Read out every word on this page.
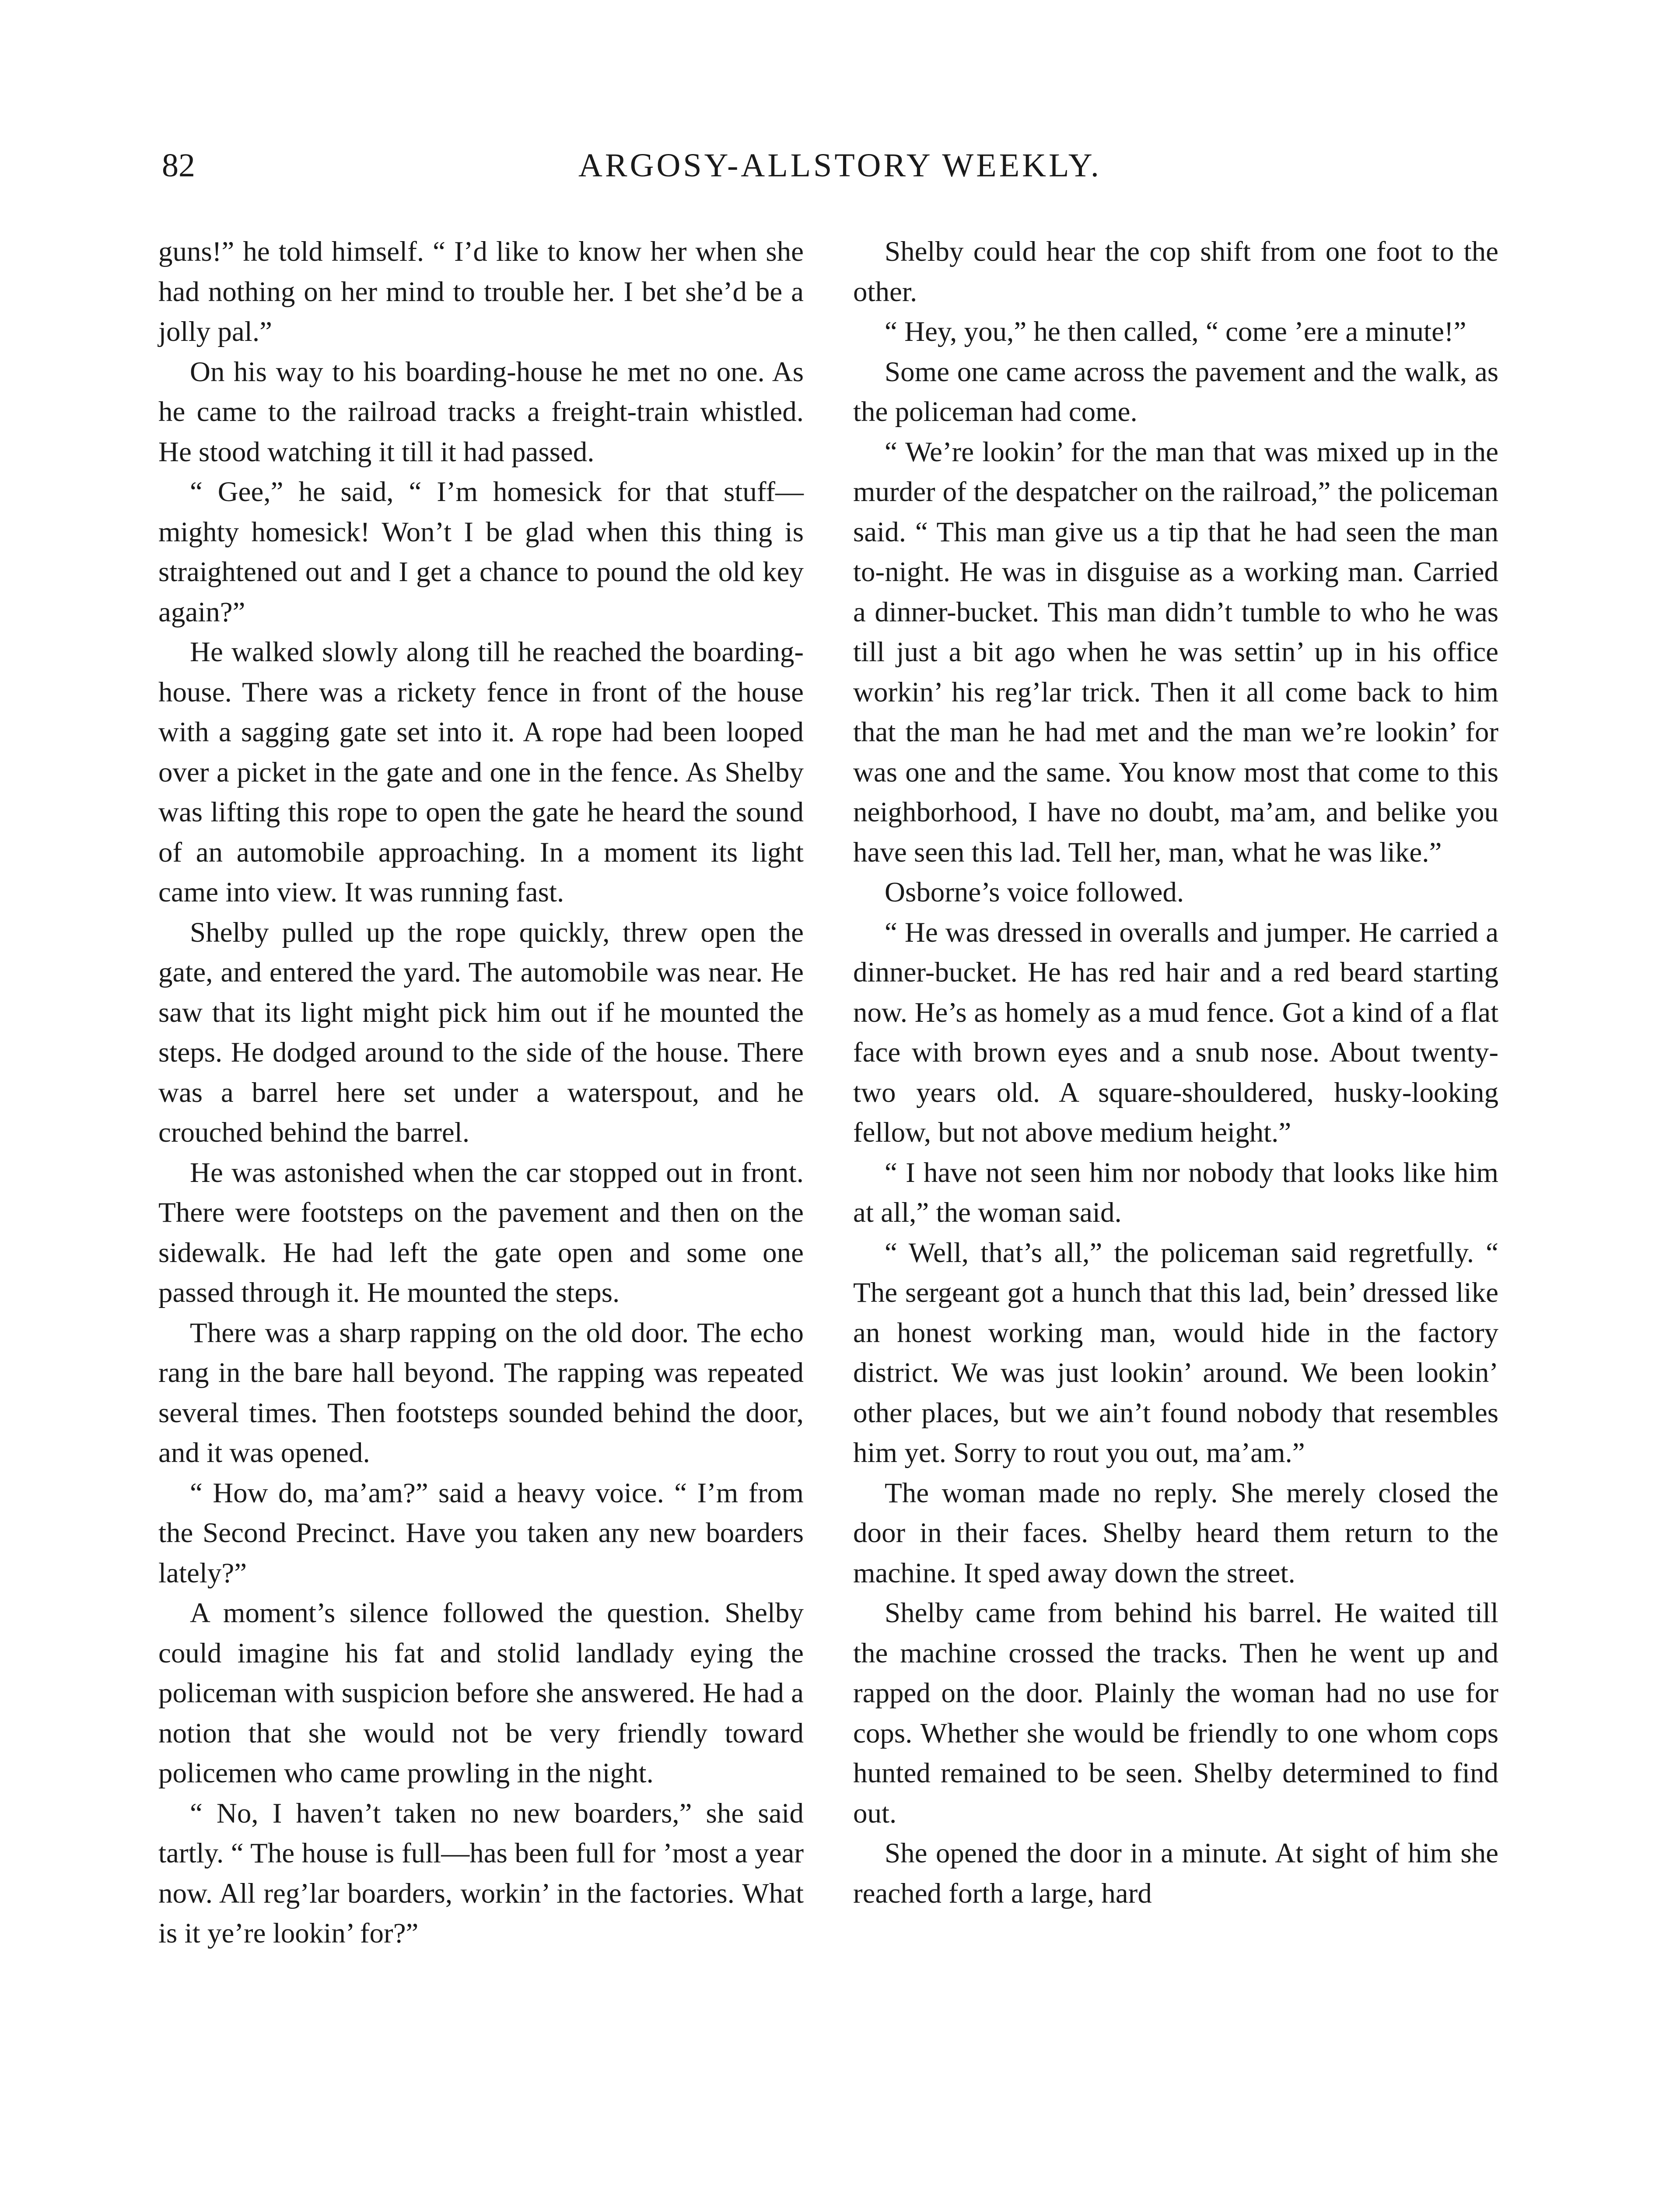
82	ARGOSY-ALLSTORY WEEKLY.

guns!” he told himself. “ I’d like to know her when she had nothing on her mind to trouble her. I bet she’d be a jolly pal.”

On his way to his boarding-house he met no one. As he came to the railroad tracks a freight-train whistled. He stood watching it till it had passed.

“ Gee,” he said, “ I’m homesick for that stuff—mighty homesick! Won’t I be glad when this thing is straightened out and I get a chance to pound the old key again?”

He walked slowly along till he reached the boarding-house. There was a rickety fence in front of the house with a sagging gate set into it. A rope had been looped over a picket in the gate and one in the fence. As Shelby was lifting this rope to open the gate he heard the sound of an automobile approaching. In a moment its light came into view. It was running fast.

Shelby pulled up the rope quickly, threw open the gate, and entered the yard. The automobile was near. He saw that its light might pick him out if he mounted the steps. He dodged around to the side of the house. There was a barrel here set under a waterspout, and he crouched behind the barrel.

He was astonished when the car stopped out in front. There were footsteps on the pavement and then on the sidewalk. He had left the gate open and some one passed through it. He mounted the steps.

There was a sharp rapping on the old door. The echo rang in the bare hall beyond. The rapping was repeated several times. Then footsteps sounded behind the door, and it was opened.

“ How do, ma’am?” said a heavy voice. “ I’m from the Second Precinct. Have you taken any new boarders lately?”

A moment’s silence followed the question. Shelby could imagine his fat and stolid landlady eying the policeman with suspicion before she answered. He had a notion that she would not be very friendly toward policemen who came prowling in the night.

“ No, I haven’t taken no new boarders,” she said tartly. “ The house is full—has been full for ’most a year now. All reg’lar boarders, workin’ in the factories. What is it ye’re lookin’ for?”

Shelby could hear the cop shift from one foot to the other.

“ Hey, you,” he then called, “ come ’ere a minute!”

Some one came across the pavement and the walk, as the policeman had come.

“ We’re lookin’ for the man that was mixed up in the murder of the despatcher on the railroad,” the policeman said. “ This man give us a tip that he had seen the man to-night. He was in disguise as a working man. Carried a dinner-bucket. This man didn’t tumble to who he was till just a bit ago when he was settin’ up in his office workin’ his reg’lar trick. Then it all come back to him that the man he had met and the man we’re lookin’ for was one and the same. You know most that come to this neighborhood, I have no doubt, ma’am, and belike you have seen this lad. Tell her, man, what he was like.”

Osborne’s voice followed.

“ He was dressed in overalls and jumper. He carried a dinner-bucket. He has red hair and a red beard starting now. He’s as homely as a mud fence. Got a kind of a flat face with brown eyes and a snub nose. About twenty-two years old. A square-shouldered, husky-looking fellow, but not above medium height.”

“ I have not seen him nor nobody that looks like him at all,” the woman said.

“ Well, that’s all,” the policeman said regretfully. “ The sergeant got a hunch that this lad, bein’ dressed like an honest working man, would hide in the factory district. We was just lookin’ around. We been lookin’ other places, but we ain’t found nobody that resembles him yet. Sorry to rout you out, ma’am.”

The woman made no reply. She merely closed the door in their faces. Shelby heard them return to the machine. It sped away down the street.

Shelby came from behind his barrel. He waited till the machine crossed the tracks. Then he went up and rapped on the door. Plainly the woman had no use for cops. Whether she would be friendly to one whom cops hunted remained to be seen. Shelby determined to find out.

She opened the door in a minute. At sight of him she reached forth a large, hard
